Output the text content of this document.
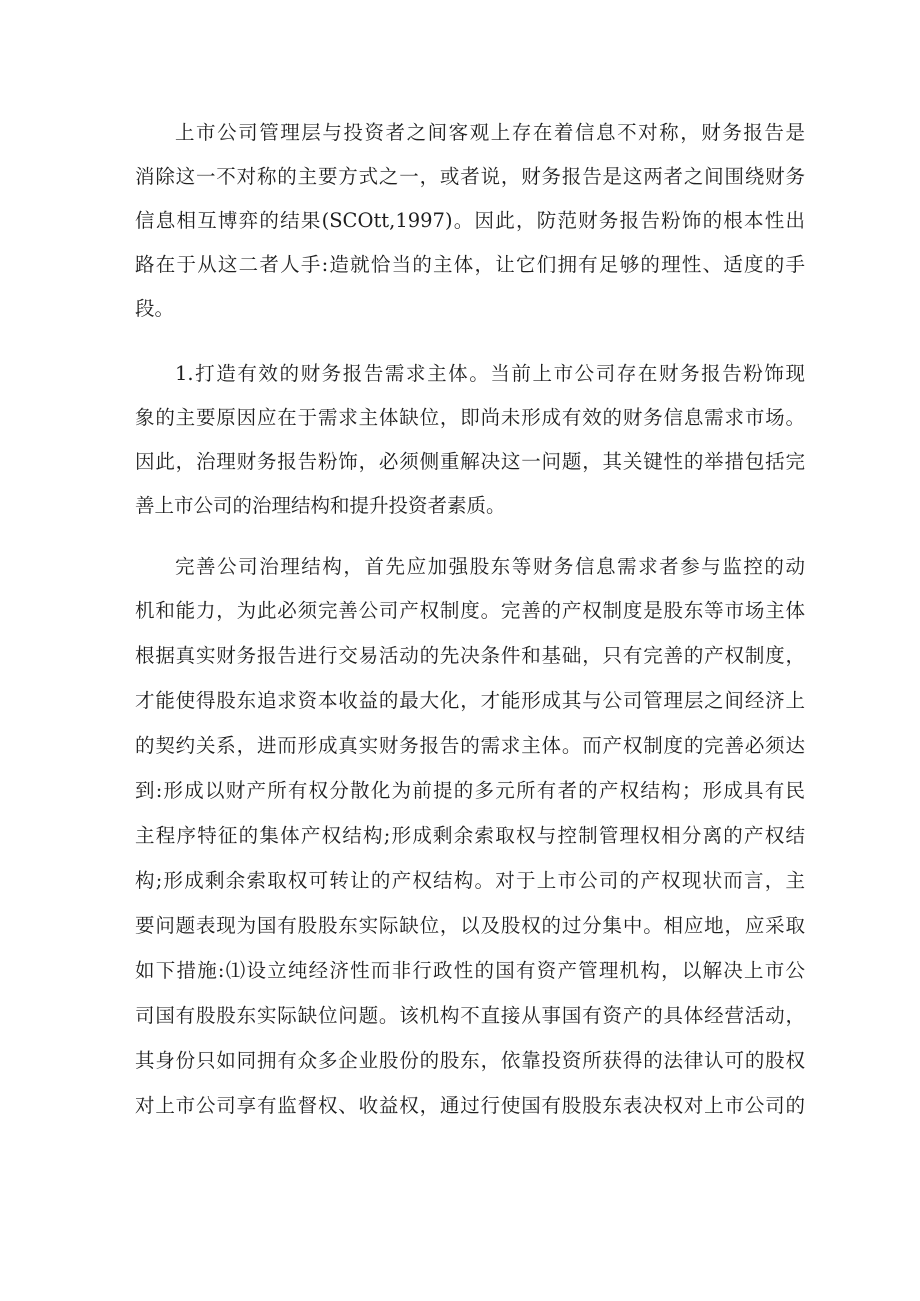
上市公司管理层与投资者之间客观上存在着信息不对称，财务报告是
消除这一不对称的主要方式之一，或者说，财务报告是这两者之间围绕财务
信息相互博弈的结果(SCOtt,1997)。因此，防范财务报告粉饰的根本性出
路在于从这二者人手:造就恰当的主体，让它们拥有足够的理性、适度的手
段。
1.打造有效的财务报告需求主体。当前上市公司存在财务报告粉饰现
象的主要原因应在于需求主体缺位，即尚未形成有效的财务信息需求市场。
因此，治理财务报告粉饰，必须侧重解决这一问题，其关键性的举措包括完
善上市公司的治理结构和提升投资者素质。
完善公司治理结构，首先应加强股东等财务信息需求者参与监控的动
机和能力，为此必须完善公司产权制度。完善的产权制度是股东等市场主体
根据真实财务报告进行交易活动的先决条件和基础，只有完善的产权制度，
才能使得股东追求资本收益的最大化，才能形成其与公司管理层之间经济上
的契约关系，进而形成真实财务报告的需求主体。而产权制度的完善必须达
到:形成以财产所有权分散化为前提的多元所有者的产权结构；形成具有民
主程序特征的集体产权结构;形成剩余索取权与控制管理权相分离的产权结
构;形成剩余索取权可转让的产权结构。对于上市公司的产权现状而言，主
要问题表现为国有股股东实际缺位，以及股权的过分集中。相应地，应采取
如下措施:⑴设立纯经济性而非行政性的国有资产管理机构，以解决上市公
司国有股股东实际缺位问题。该机构不直接从事国有资产的具体经营活动，
其身份只如同拥有众多企业股份的股东，依靠投资所获得的法律认可的股权
对上市公司享有监督权、收益权，通过行使国有股股东表决权对上市公司的
